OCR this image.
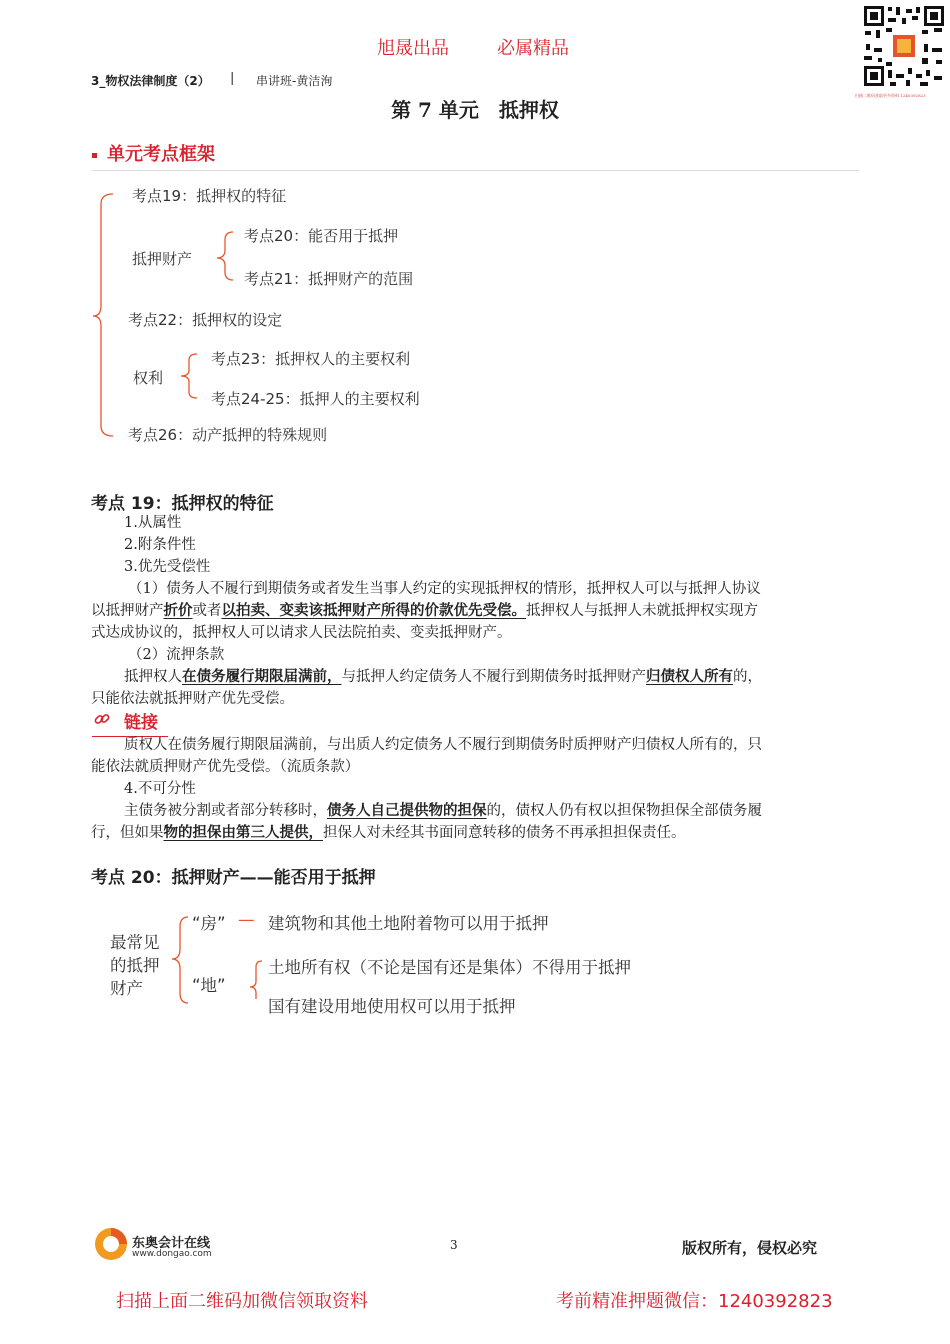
旭晟出品	必属精品
扫描二维码获取更多资料 1240392823
3_物权法律制度（2） | 串讲班-黄洁洵
第 7 单元　抵押权
单元考点框架
考点19：抵押权的特征
抵押财产
考点20：能否用于抵押
考点21：抵押财产的范围
考点22：抵押权的设定
权利
考点23：抵押权人的主要权利
考点24-25：抵押人的主要权利
考点26：动产抵押的特殊规则
考点 19：抵押权的特征
1.从属性
2.附条件性
3.优先受偿性
（1）债务人不履行到期债务或者发生当事人约定的实现抵押权的情形，抵押权人可以与抵押人协议
以抵押财产折价或者以拍卖、变卖该抵押财产所得的价款优先受偿。抵押权人与抵押人未就抵押权实现方
式达成协议的，抵押权人可以请求人民法院拍卖、变卖抵押财产。
（2）流押条款
抵押权人在债务履行期限届满前，与抵押人约定债务人不履行到期债务时抵押财产归债权人所有的，
只能依法就抵押财产优先受偿。
链接
质权人在债务履行期限届满前，与出质人约定债务人不履行到期债务时质押财产归债权人所有的，只
能依法就质押财产优先受偿。（流质条款）
4.不可分性
主债务被分割或者部分转移时，债务人自己提供物的担保的，债权人仍有权以担保物担保全部债务履
行，但如果物的担保由第三人提供，担保人对未经其书面同意转移的债务不再承担担保责任。
考点 20：抵押财产——能否用于抵押
最常见
的抵押
财产
“房” — 建筑物和其他土地附着物可以用于抵押
“地”
土地所有权（不论是国有还是集体）不得用于抵押
国有建设用地使用权可以用于抵押
东奥会计在线
www.dongao.com
3	版权所有，侵权必究
扫描上面二维码加微信领取资料	考前精准押题微信：1240392823
